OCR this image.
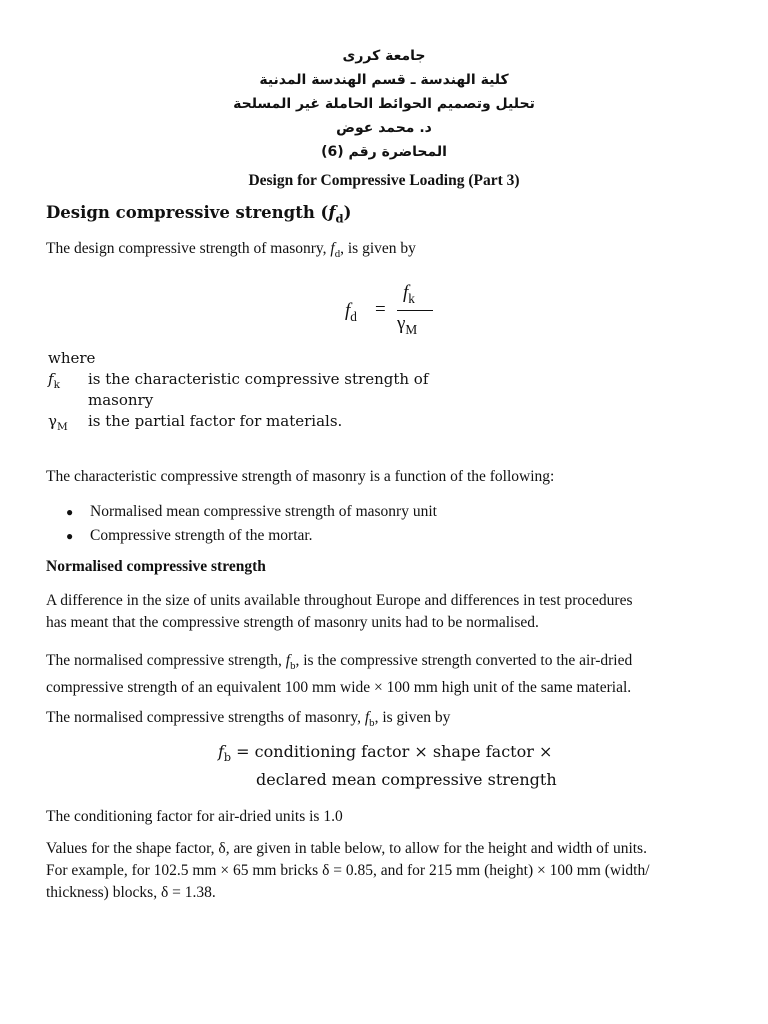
جامعة كررى
كلية الهندسة ـ قسم الهندسة المدنية
تحليل وتصميم الحوائط الحاملة غير المسلحة
د. محمد عوض
المحاضرة رقم (6)
Design for Compressive Loading (Part 3)
Design compressive strength $(f_d)$
The design compressive strength of masonry, $f_d$, is given by
$f_d$ =
$f_k$
$\gamma_M$
where
$f_k$ is the characteristic compressive strength of
masonry
$\gamma_M$ is the partial factor for materials.
The characteristic compressive strength of masonry is a function of the following:
● Normalised mean compressive strength of masonry unit
● Compressive strength of the mortar.
Normalised compressive strength
A difference in the size of units available throughout Europe and differences in test procedures
has meant that the compressive strength of masonry units had to be normalised.
The normalised compressive strength, $f_b$, is the compressive strength converted to the air-dried
compressive strength of an equivalent 100 mm wide × 100 mm high unit of the same material.
The normalised compressive strengths of masonry, $f_b$, is given by
$f_b$ = conditioning factor × shape factor ×
declared mean compressive strength
The conditioning factor for air-dried units is 1.0
Values for the shape factor, δ, are given in table below, to allow for the height and width of units.
For example, for 102.5 mm × 65 mm bricks δ = 0.85, and for 215 mm (height) × 100 mm (width/
thickness) blocks, δ = 1.38.
